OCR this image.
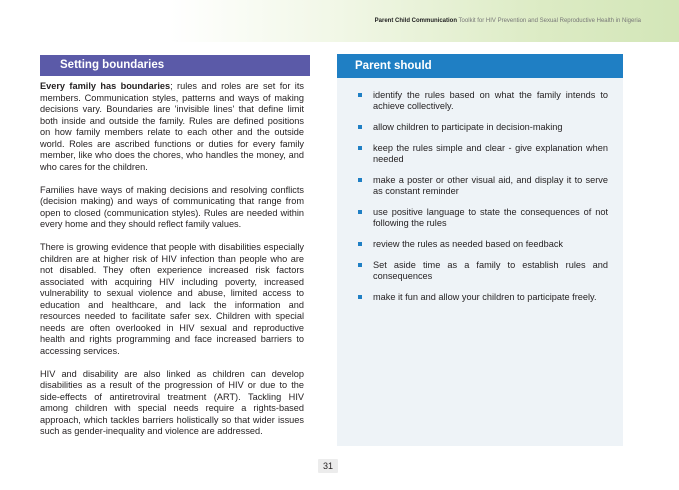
Parent Child Communication Toolkit for HIV Prevention and Sexual Reproductive Health in Nigeria
Setting boundaries

Every family has boundaries; rules and roles are set for its members. Communication styles, patterns and ways of making decisions vary. Boundaries are 'invisible lines' that define limit both inside and outside the family. Rules are defined positions on how family members relate to each other and the outside world. Roles are ascribed functions or duties for every family member, like who does the chores, who handles the money, and who cares for the children.

Families have ways of making decisions and resolving conflicts (decision making) and ways of communicating that range from open to closed (communication styles). Rules are needed within every home and they should reflect family values.

There is growing evidence that people with disabilities especially children are at higher risk of HIV infection than people who are not disabled. They often experience increased risk factors associated with acquiring HIV including poverty, increased vulnerability to sexual violence and abuse, limited access to education and healthcare, and lack the information and resources needed to facilitate safer sex. Children with special needs are often overlooked in HIV sexual and reproductive health and rights programming and face increased barriers to accessing services.

HIV and disability are also linked as children can develop disabilities as a result of the progression of HIV or due to the side-effects of antiretroviral treatment (ART). Tackling HIV among children with special needs require a rights-based approach, which tackles barriers holistically so that wider issues such as gender-inequality and violence are addressed.

Parent should
identify the rules based on what the family intends to achieve collectively.
allow children to participate in decision-making
keep the rules simple and clear - give explanation when needed
make a poster or other visual aid, and display it to serve as constant reminder
use positive language to state the consequences of not following the rules
review the rules as needed based on feedback
Set aside time as a family to establish rules and consequences
make it fun and allow your children to participate freely.
31
